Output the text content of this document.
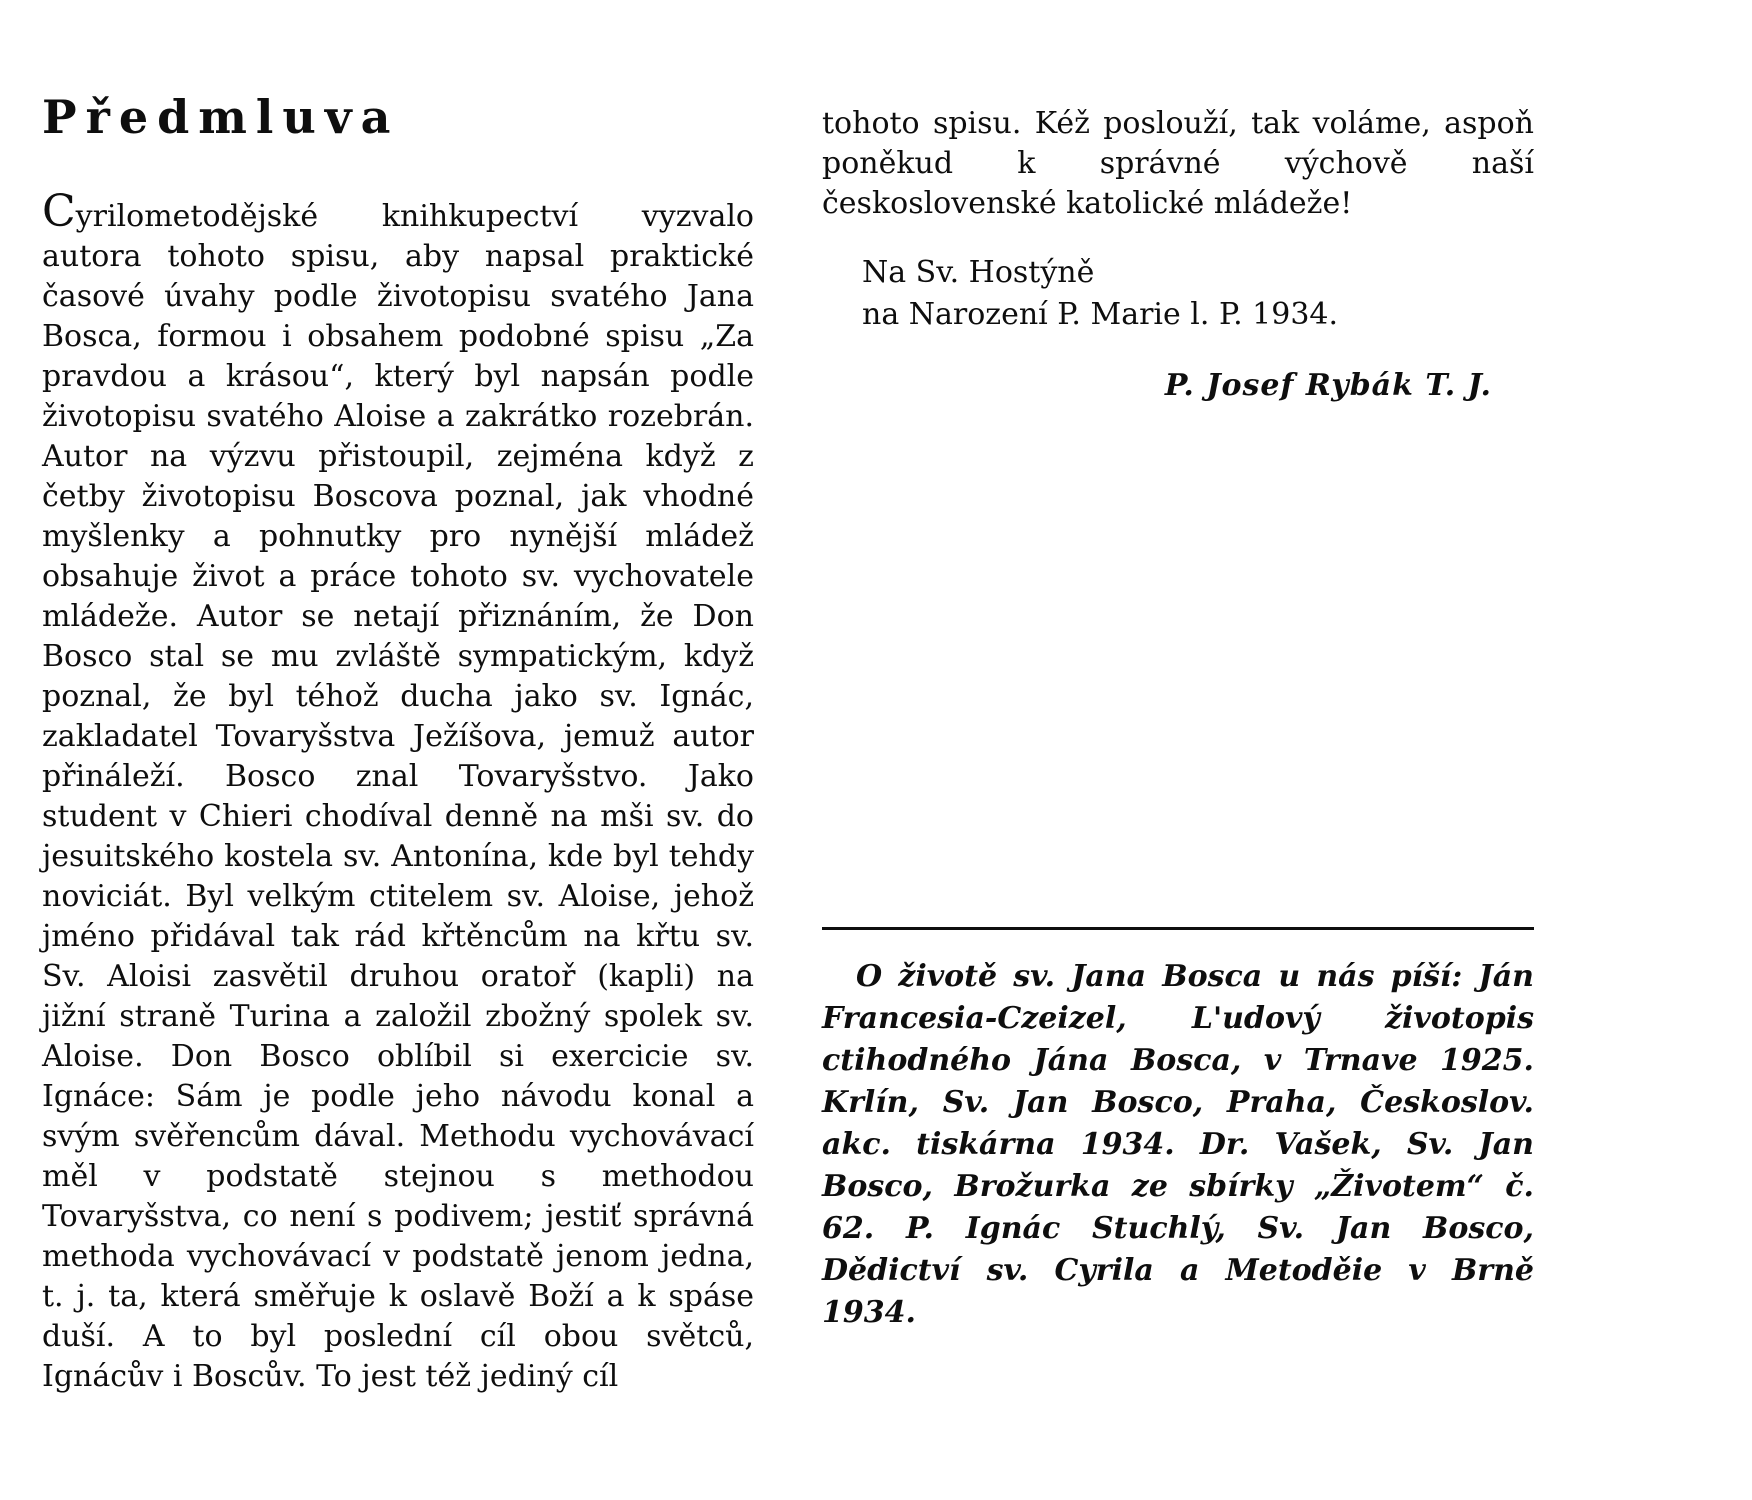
Předmluva

Cyrilometodějské knihkupectví vyzvalo autora tohoto spisu, aby napsal praktické časové úvahy podle životopisu svatého Jana Bosca, formou i obsahem podobné spisu „Za pravdou a krásou“, který byl napsán podle životopisu svatého Aloise a zakrátko rozebrán. Autor na výzvu přistoupil, zejména když z četby životopisu Boscova poznal, jak vhodné myšlenky a pohnutky pro nynější mládež obsahuje život a práce tohoto sv. vychovatele mládeže. Autor se netají přiznáním, že Don Bosco stal se mu zvláště sympatickým, když poznal, že byl téhož ducha jako sv. Ignác, zakladatel Tovaryšstva Ježíšova, jemuž autor přináleží. Bosco znal Tovaryšstvo. Jako student v Chieri chodíval denně na mši sv. do jesuitského kostela sv. Antonína, kde byl tehdy noviciát. Byl velkým ctitelem sv. Aloise, jehož jméno přidával tak rád křtěncům na křtu sv. Sv. Aloisi zasvětil druhou oratoř (kapli) na jižní straně Turina a založil zbožný spolek sv. Aloise. Don Bosco oblíbil si exercicie sv. Ignáce: Sám je podle jeho návodu konal a svým svěřencům dával. Methodu vychovávací měl v podstatě stejnou s methodou Tovaryšstva, co není s podivem; jestiť správná methoda vychovávací v podstatě jenom jedna, t. j. ta, která směřuje k oslavě Boží a k spáse duší. A to byl poslední cíl obou světců, Ignácův i Boscův. To jest též jediný cíl

tohoto spisu. Kéž poslouží, tak voláme, aspoň poněkud k správné výchově naší československé katolické mládeže!

Na Sv. Hostýně
na Narození P. Marie l. P. 1934.
P. Josef Rybák T. J.

O životě sv. Jana Bosca u nás píší: Ján Francesia-Czeizel, L'udový životopis ctihodného Jána Bosca, v Trnave 1925. Krlín, Sv. Jan Bosco, Praha, Českoslov. akc. tiskárna 1934. Dr. Vašek, Sv. Jan Bosco, Brožurka ze sbírky „Životem“ č. 62. P. Ignác Stuchlý, Sv. Jan Bosco, Dědictví sv. Cyrila a Metoděie v Brně 1934.
